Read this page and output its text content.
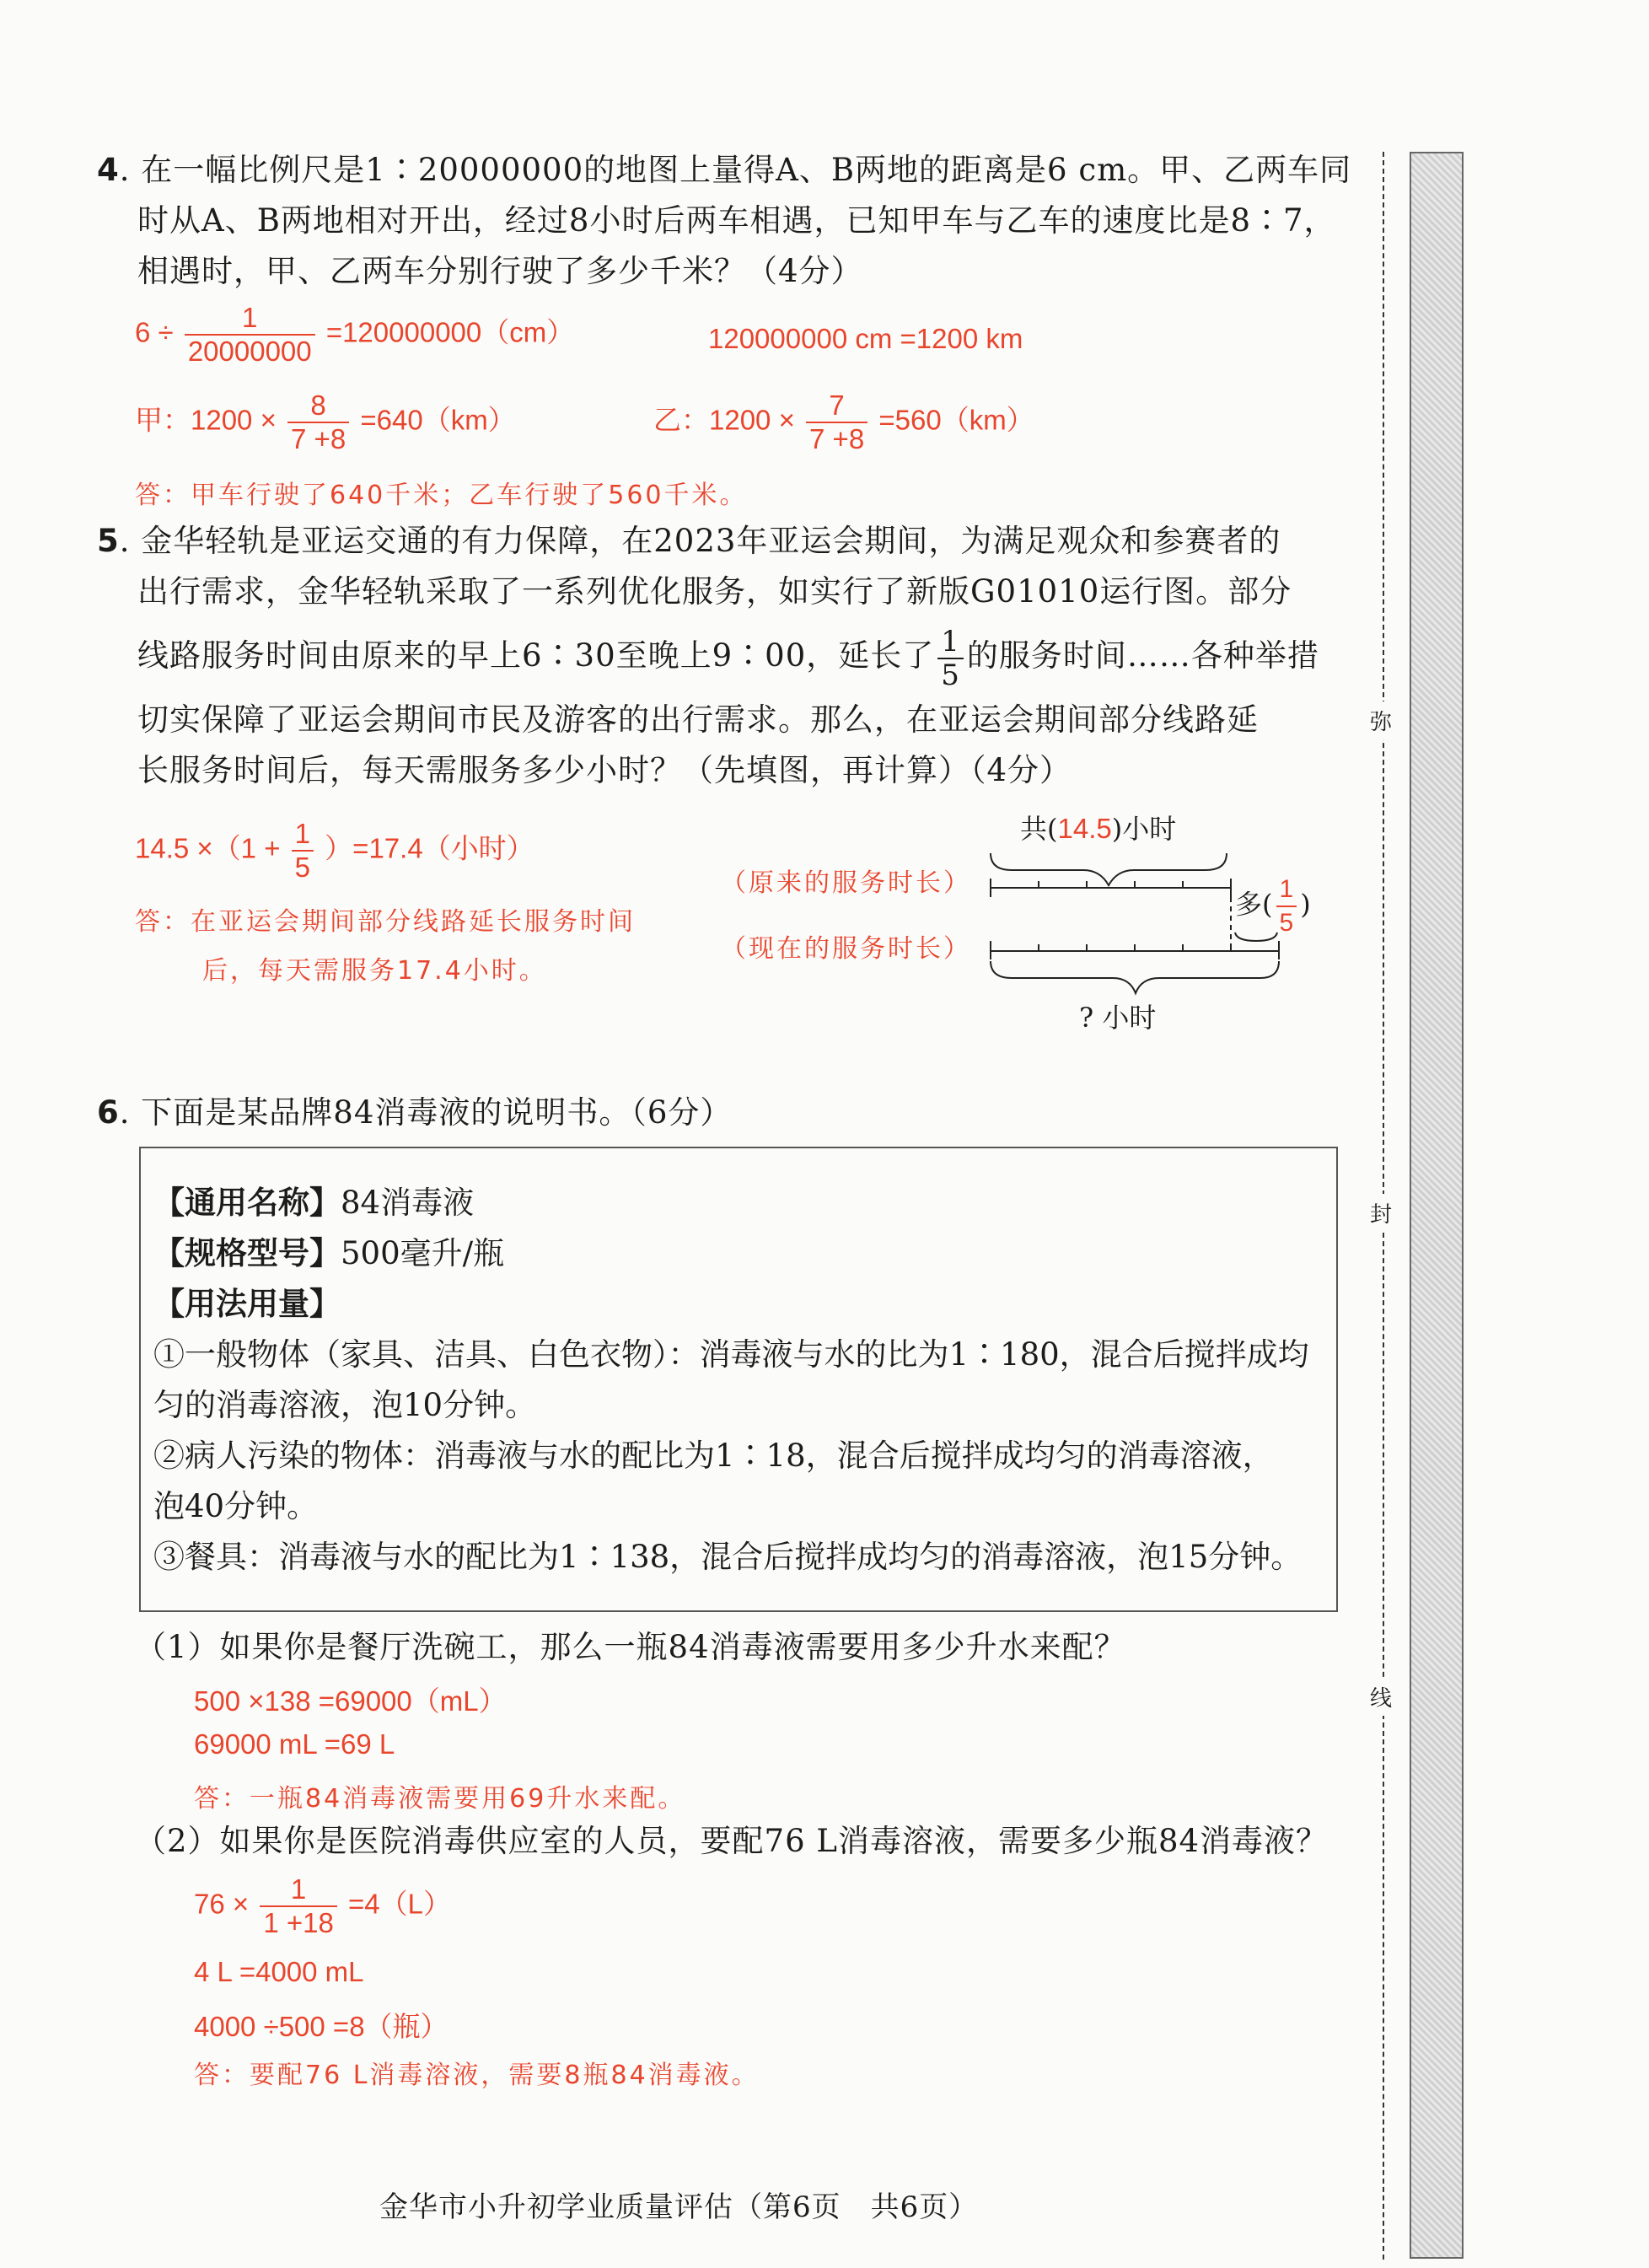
弥
封
线
4. 在一幅比例尺是1∶20000000的地图上量得A、B两地的距离是6 cm。甲、乙两车同
时从A、B两地相对开出，经过8小时后两车相遇，已知甲车与乙车的速度比是8∶7，
相遇时，甲、乙两车分别行驶了多少千米？（4分）
$6 \div \frac{1}{20000000} =120000000(cm)$	120000000 cm =1200 km
甲：$1200 \times \frac{8}{7 +8} =640(km)$	乙：$1200 \times \frac{7}{7 +8} =560(km)$
答：甲车行驶了640千米；乙车行驶了560千米。
5. 金华轻轨是亚运交通的有力保障，在2023年亚运会期间，为满足观众和参赛者的
出行需求，金华轻轨采取了一系列优化服务，如实行了新版G01010运行图。部分
线路服务时间由原来的早上6∶30至晚上9∶00，延长了 $\frac{1}{5}$ 的服务时间……各种举措
切实保障了亚运会期间市民及游客的出行需求。那么，在亚运会期间部分线路延
长服务时间后，每天需服务多少小时？（先填图，再计算）（4分）
$14.5 \times(1 + \frac{1}{5} )=17.4$（小时）
答：在亚运会期间部分线路延长服务时间
后，每天需服务17.4小时。
共(14.5)小时
（原来的服务时长）
（现在的服务时长）
多( $\frac{1}{5}$ )
? 小时
6. 下面是某品牌84消毒液的说明书。（6分）
【通用名称】84消毒液
【规格型号】500毫升/瓶
【用法用量】
①一般物体（家具、洁具、白色衣物）：消毒液与水的比为1∶180，混合后搅拌成均
匀的消毒溶液，泡10分钟。
②病人污染的物体：消毒液与水的配比为1∶18，混合后搅拌成均匀的消毒溶液，
泡40分钟。
③餐具：消毒液与水的配比为1∶138，混合后搅拌成均匀的消毒溶液，泡15分钟。
（1）如果你是餐厅洗碗工，那么一瓶84消毒液需要用多少升水来配？
500 ×138 =69000（mL）
69000 mL =69 L
答：一瓶84消毒液需要用69升水来配。
（2）如果你是医院消毒供应室的人员，要配76 L消毒溶液，需要多少瓶84消毒液？
$76 \times \frac{1}{1 +18} =4(L)$
4 L =4000 mL
4000 ÷500 =8（瓶）
答：要配76 L消毒溶液，需要8瓶84消毒液。
金华市小升初学业质量评估（第6页　共6页）
